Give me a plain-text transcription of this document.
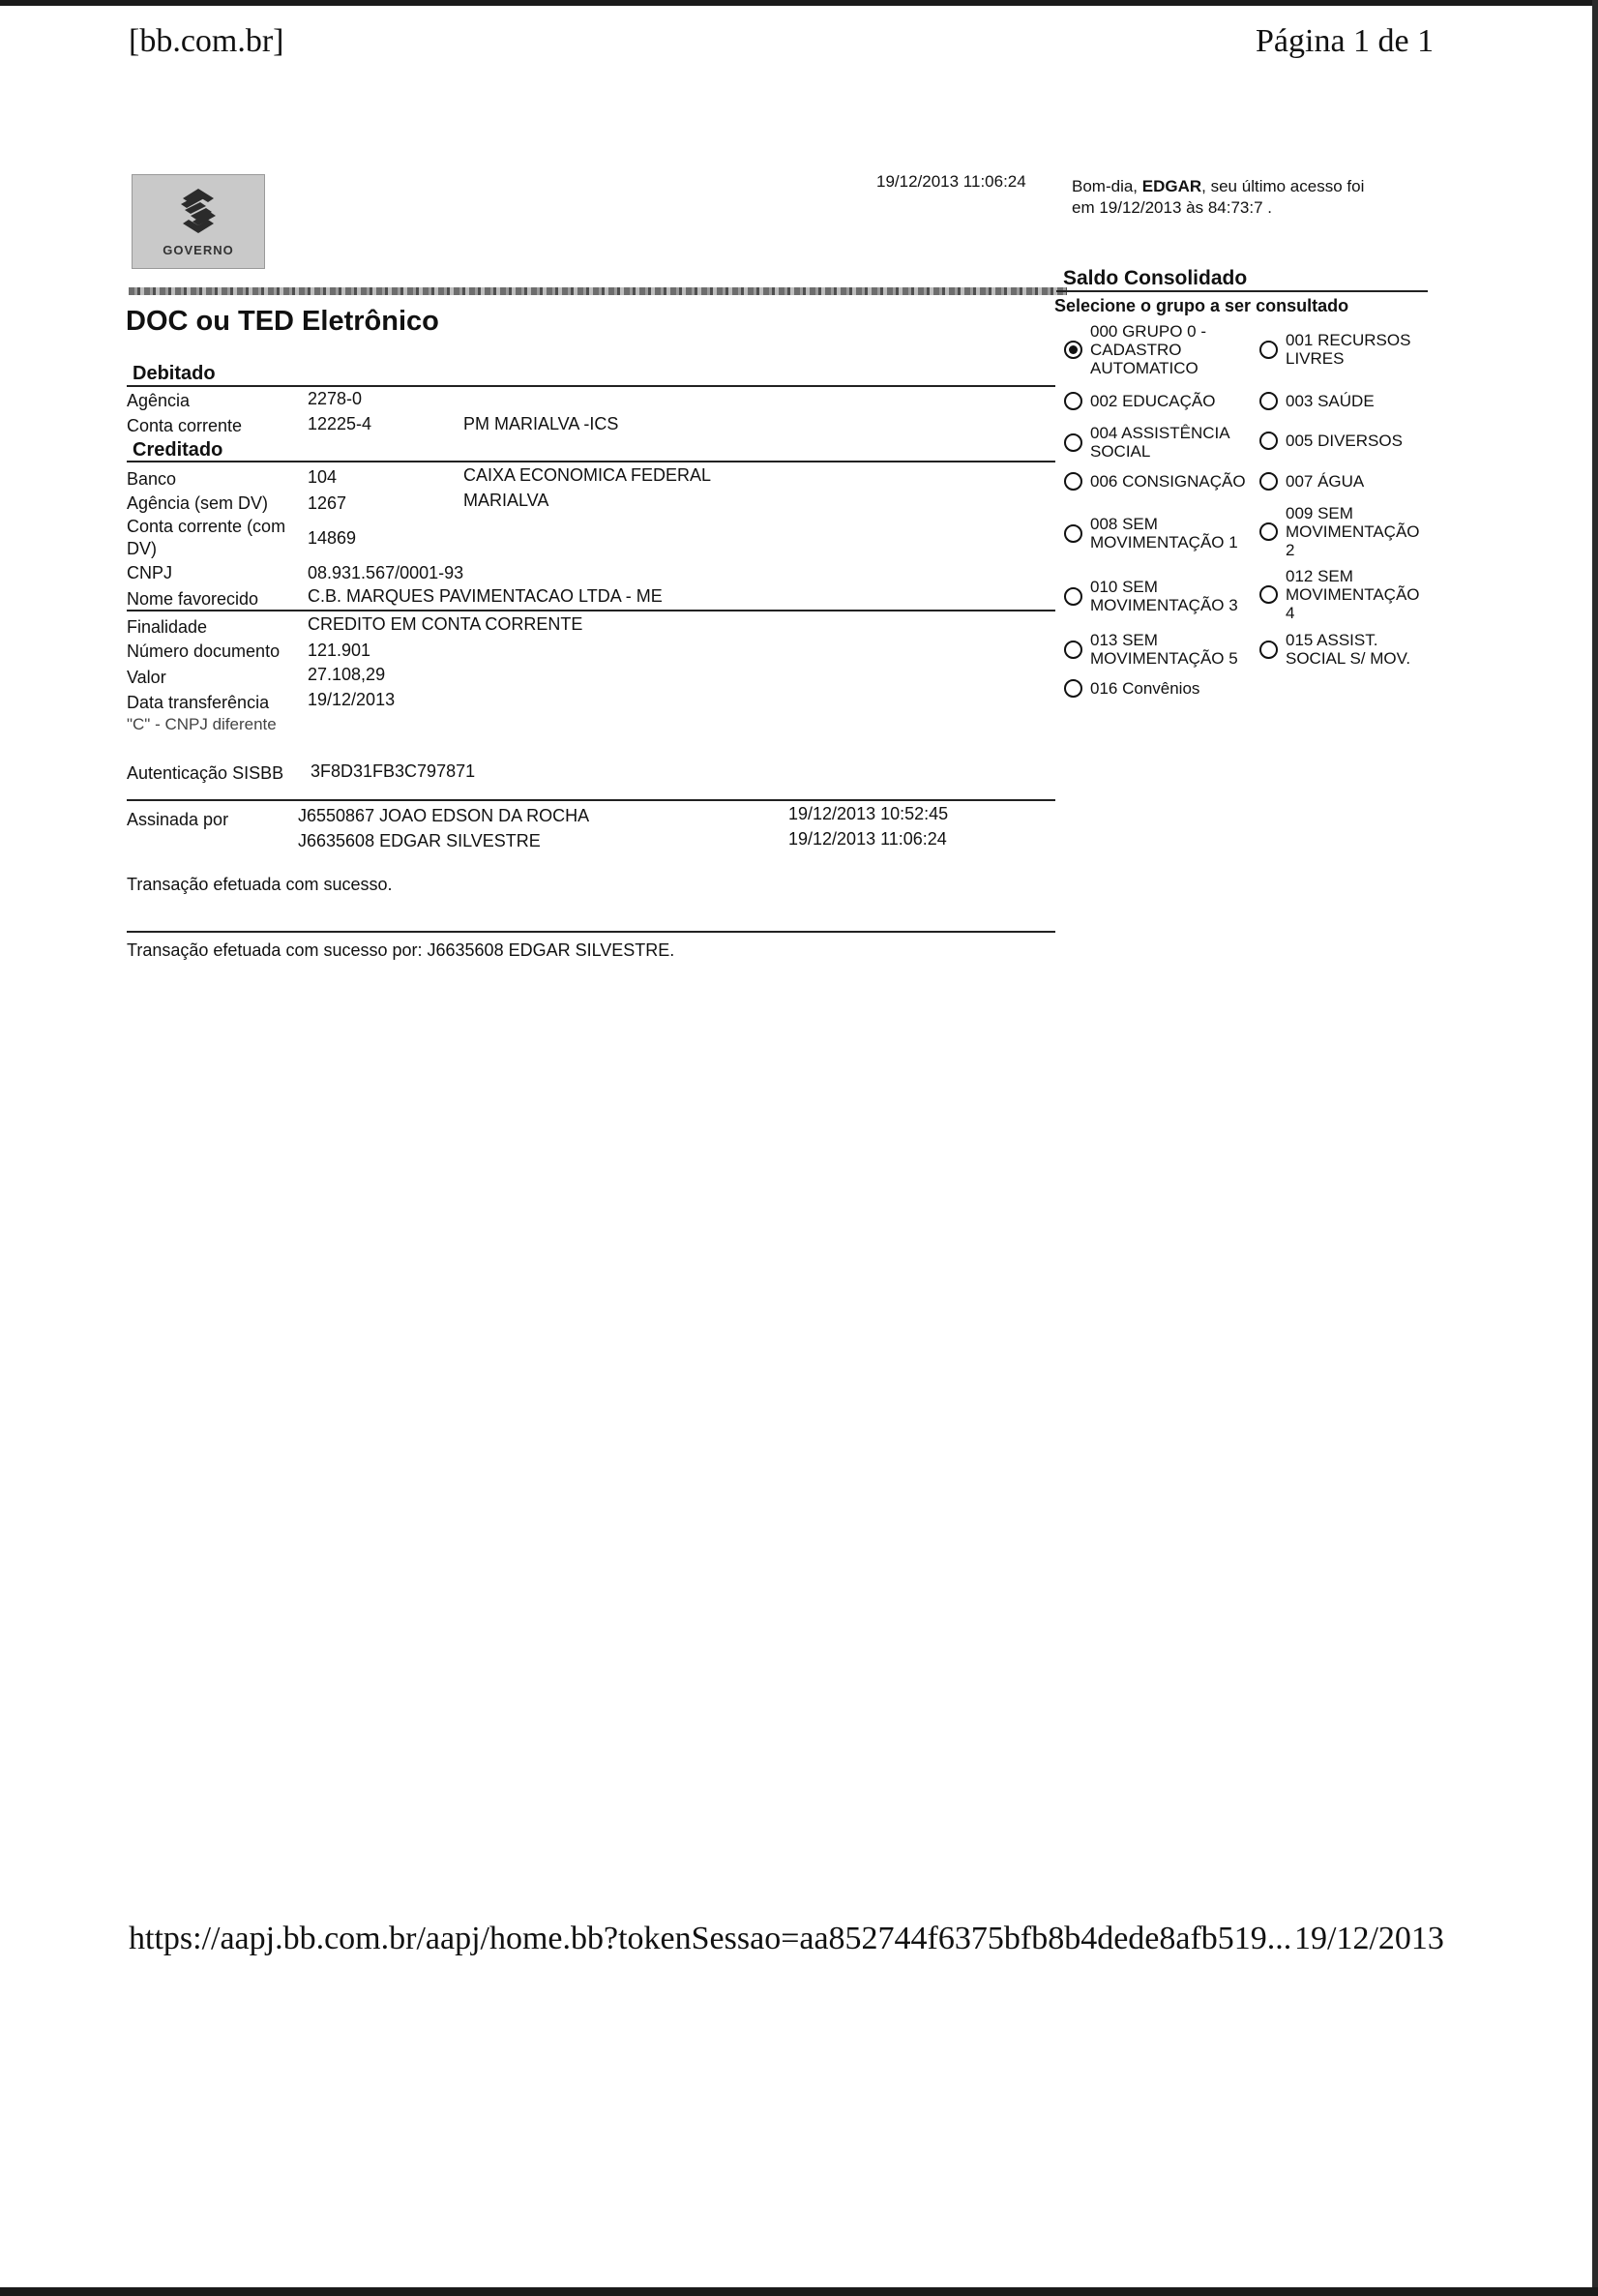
[bb.com.br]	Página 1 de 1
GOVERNO
19/12/2013 11:06:24	Bom-dia, EDGAR, seu último acesso foi
em 19/12/2013 às 84:73:7 .
DOC ou TED Eletrônico
Debitado
Agência	2278-0
Conta corrente	12225-4	PM MARIALVA -ICS
Creditado
Banco	104	CAIXA ECONOMICA FEDERAL
Agência (sem DV) 1267	MARIALVA
Conta corrente (com
DV)
14869
CNPJ	08.931.567/0001-93
Nome favorecido	C.B. MARQUES PAVIMENTACAO LTDA - ME
Finalidade	CREDITO EM CONTA CORRENTE
Número documento 121.901
Valor	27.108,29
Data transferência 19/12/2013
"C" - CNPJ diferente
Autenticação SISBB 3F8D31FB3C797871
Assinada por	J6550867 JOAO EDSON DA ROCHA	19/12/2013 10:52:45
J6635608 EDGAR SILVESTRE	19/12/2013 11:06:24
Transação efetuada com sucesso.
Transação efetuada com sucesso por: J6635608 EDGAR SILVESTRE.
Saldo Consolidado
Selecione o grupo a ser consultado
000 GRUPO 0 -
CADASTRO
AUTOMATICO
001 RECURSOS
LIVRES
002 EDUCAÇÃO	003 SAÚDE
004 ASSISTÊNCIA
SOCIAL
005 DIVERSOS
006 CONSIGNAÇÃO 007 ÁGUA
008 SEM
MOVIMENTAÇÃO 1
009 SEM
MOVIMENTAÇÃO
2
010 SEM
MOVIMENTAÇÃO 3
012 SEM
MOVIMENTAÇÃO
4
013 SEM
MOVIMENTAÇÃO 5
015 ASSIST.
SOCIAL S/ MOV.
016 Convênios
https://aapj.bb.com.br/aapj/home.bb?tokenSessao=aa852744f6375bfb8b4dede8afb519... 19/12/2013
